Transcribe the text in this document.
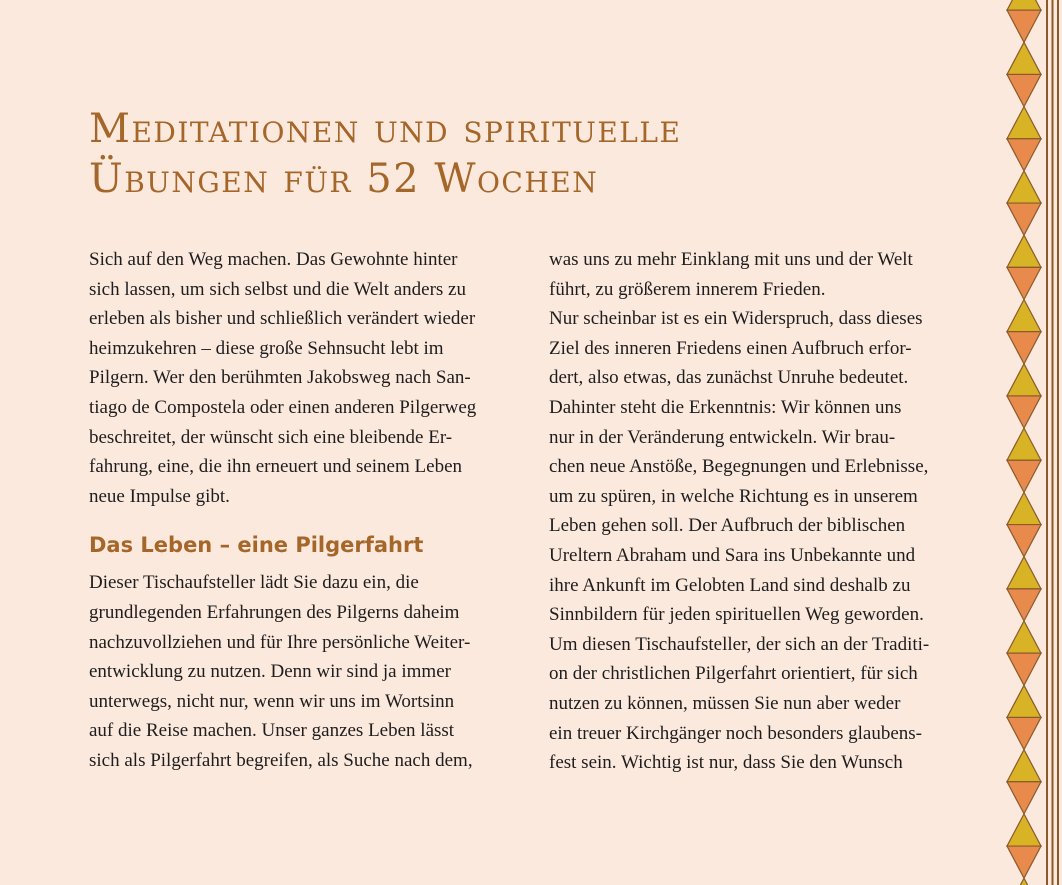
Meditationen und spirituelle
Übungen für 52 Wochen
Sich auf den Weg machen. Das Gewohnte hinter
sich lassen, um sich selbst und die Welt anders zu
erleben als bisher und schließlich verändert wieder
heimzukehren – diese große Sehnsucht lebt im
Pilgern. Wer den berühmten Jakobsweg nach San-
tiago de Compostela oder einen anderen Pilgerweg
beschreitet, der wünscht sich eine bleibende Er-
fahrung, eine, die ihn erneuert und seinem Leben
neue Impulse gibt.
Das Leben – eine Pilgerfahrt
Dieser Tischaufsteller lädt Sie dazu ein, die
grundlegenden Erfahrungen des Pilgerns daheim
nachzuvollziehen und für Ihre persönliche Weiter-
entwicklung zu nutzen. Denn wir sind ja immer
unterwegs, nicht nur, wenn wir uns im Wortsinn
auf die Reise machen. Unser ganzes Leben lässt
sich als Pilgerfahrt begreifen, als Suche nach dem,
was uns zu mehr Einklang mit uns und der Welt
führt, zu größerem innerem Frieden.
Nur scheinbar ist es ein Widerspruch, dass dieses
Ziel des inneren Friedens einen Aufbruch erfor-
dert, also etwas, das zunächst Unruhe bedeutet.
Dahinter steht die Erkenntnis: Wir können uns
nur in der Veränderung entwickeln. Wir brau-
chen neue Anstöße, Begegnungen und Erlebnisse,
um zu spüren, in welche Richtung es in unserem
Leben gehen soll. Der Aufbruch der biblischen
Ureltern Abraham und Sara ins Unbekannte und
ihre Ankunft im Gelobten Land sind deshalb zu
Sinnbildern für jeden spirituellen Weg geworden.
Um diesen Tischaufsteller, der sich an der Traditi-
on der christlichen Pilgerfahrt orientiert, für sich
nutzen zu können, müssen Sie nun aber weder
ein treuer Kirchgänger noch besonders glaubens-
fest sein. Wichtig ist nur, dass Sie den Wunsch
